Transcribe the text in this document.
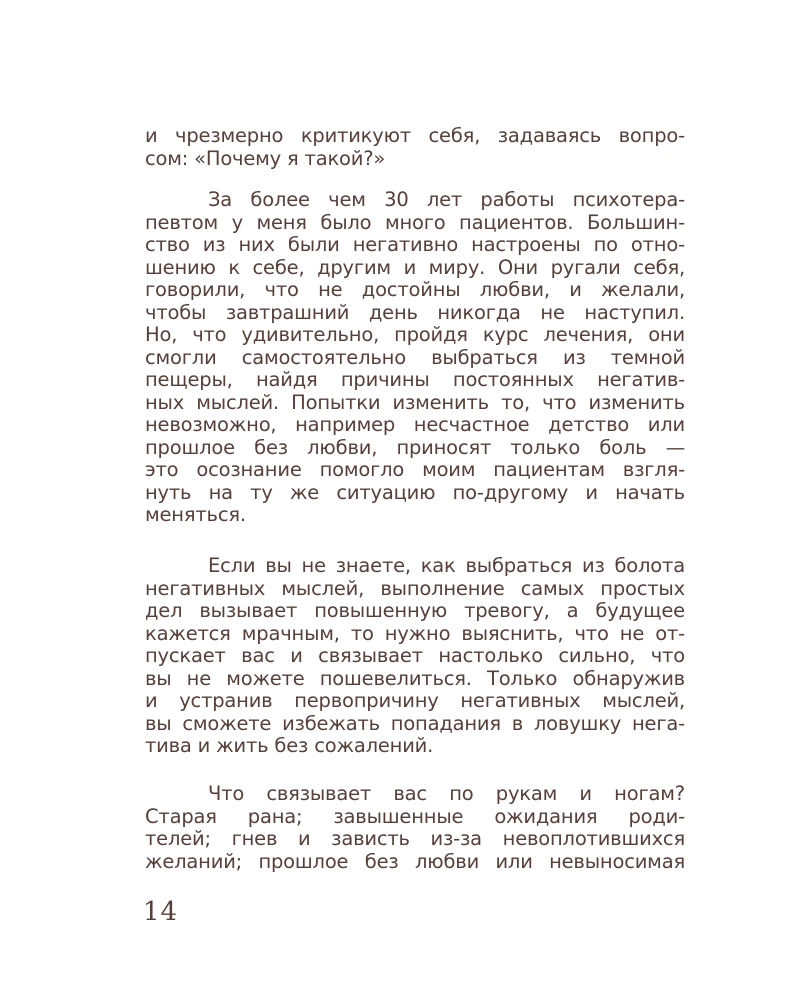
и чрезмерно критикуют себя, задаваясь вопро-
сом: «Почему я такой?»
За более чем 30 лет работы психотера-
певтом у меня было много пациентов. Большин-
ство из них были негативно настроены по отно-
шению к себе, другим и миру. Они ругали себя,
говорили, что не достойны любви, и желали,
чтобы завтрашний день никогда не наступил.
Но, что удивительно, пройдя курс лечения, они
смогли самостоятельно выбраться из темной
пещеры, найдя причины постоянных негатив-
ных мыслей. Попытки изменить то, что изменить
невозможно, например несчастное детство или
прошлое без любви, приносят только боль —
это осознание помогло моим пациентам взгля-
нуть на ту же ситуацию по-другому и начать
меняться.
Если вы не знаете, как выбраться из болота
негативных мыслей, выполнение самых простых
дел вызывает повышенную тревогу, а будущее
кажется мрачным, то нужно выяснить, что не от-
пускает вас и связывает настолько сильно, что
вы не можете пошевелиться. Только обнаружив
и устранив первопричину негативных мыслей,
вы сможете избежать попадания в ловушку нега-
тива и жить без сожалений.
Что связывает вас по рукам и ногам?
Старая рана; завышенные ожидания роди-
телей; гнев и зависть из-за невоплотившихся
желаний; прошлое без любви или невыносимая
14
